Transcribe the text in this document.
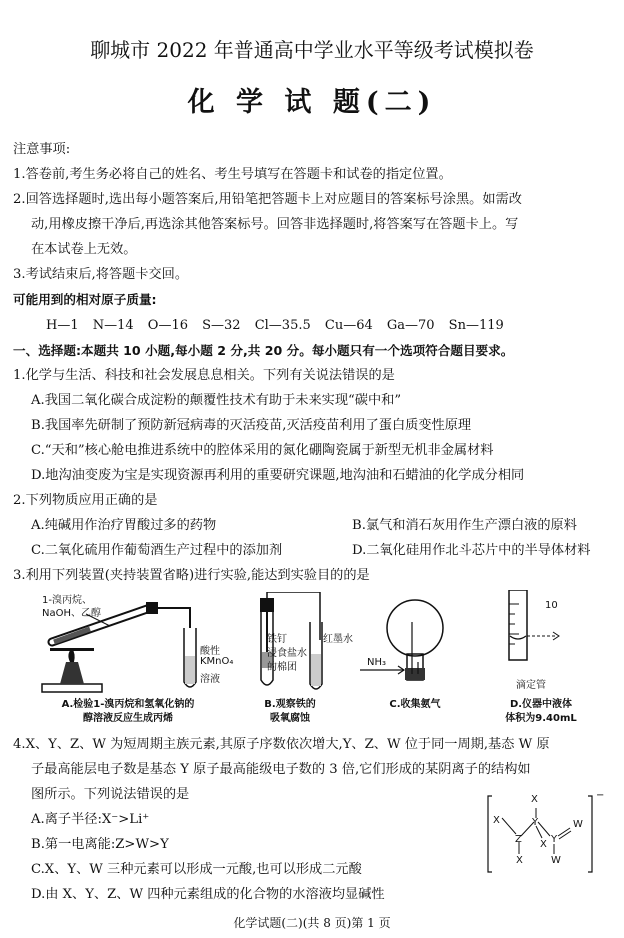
聊城市 2022 年普通高中学业水平等级考试模拟卷
化 学 试 题(二)
注意事项:
1.答卷前,考生务必将自己的姓名、考生号填写在答题卡和试卷的指定位置。
2.回答选择题时,选出每小题答案后,用铅笔把答题卡上对应题目的答案标号涂黑。如需改
动,用橡皮擦干净后,再选涂其他答案标号。回答非选择题时,将答案写在答题卡上。写
在本试卷上无效。
3.考试结束后,将答题卡交回。
可能用到的相对原子质量:
H—1 N—14 O—16 S—32 Cl—35.5 Cu—64 Ga—70 Sn—119
一、选择题:本题共 10 小题,每小题 2 分,共 20 分。每小题只有一个选项符合题目要求。
1.化学与生活、科技和社会发展息息相关。下列有关说法错误的是
A.我国二氧化碳合成淀粉的颠覆性技术有助于未来实现“碳中和”
B.我国率先研制了预防新冠病毒的灭活疫苗,灭活疫苗利用了蛋白质变性原理
C.“天和”核心舱电推进系统中的腔体采用的氮化硼陶瓷属于新型无机非金属材料
D.地沟油变废为宝是实现资源再利用的重要研究课题,地沟油和石蜡油的化学成分相同
2.下列物质应用正确的是
A.纯碱用作治疗胃酸过多的药物	B.氯气和消石灰用作生产漂白液的原料
C.二氧化硫用作葡萄酒生产过程中的添加剂	D.二氧化硅用作北斗芯片中的半导体材料
3.利用下列装置(夹持装置省略)进行实验,能达到实验目的的是
1-溴丙烷、
NaOH、乙醇
酸性
KMnO₄
溶液
A.检验1-溴丙烷和氢氧化钠的
醇溶液反应生成丙烯
铁钉
浸食盐水
的棉团
红墨水
B.观察铁的
吸氧腐蚀
NH₃
C.收集氨气
10
滴定管
D.仪器中液体
体积为9.40mL
4.X、Y、Z、W 为短周期主族元素,其原子序数依次增大,Y、Z、W 位于同一周期,基态 W 原
子最高能层电子数是基态 Y 原子最高能级电子数的 3 倍,它们形成的某阴离子的结构如
图所示。下列说法错误的是
A.离子半径:X⁻>Li⁺
B.第一电离能:Z>W>Y
C.X、Y、W 三种元素可以形成一元酸,也可以形成二元酸
D.由 X、Y、Z、W 四种元素组成的化合物的水溶液均显碱性
X
X
Z
Y
Y
W
X
X
W
−
化学试题(二)(共 8 页)第 1 页
